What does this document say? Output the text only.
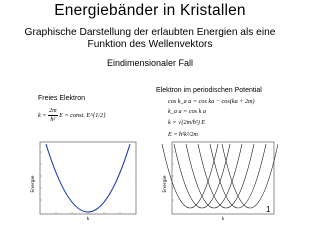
Energiebänder in Kristallen
Graphische Darstellung der erlaubten Energien als eine
Funktion des Wellenvektors
Eindimensionaler Fall
Freies Elektron
$k = \frac{2m}{\text{ħ²}}$ E = const. E^{1/2}
Elektron im periodischen Potential
cos k_a a = cos ka − cos(ka + 2m)
k_a a = cos k a
k = √(2m/ħ²) E
E = ħ²k²/2m
Energie
k
Energie
k
1
